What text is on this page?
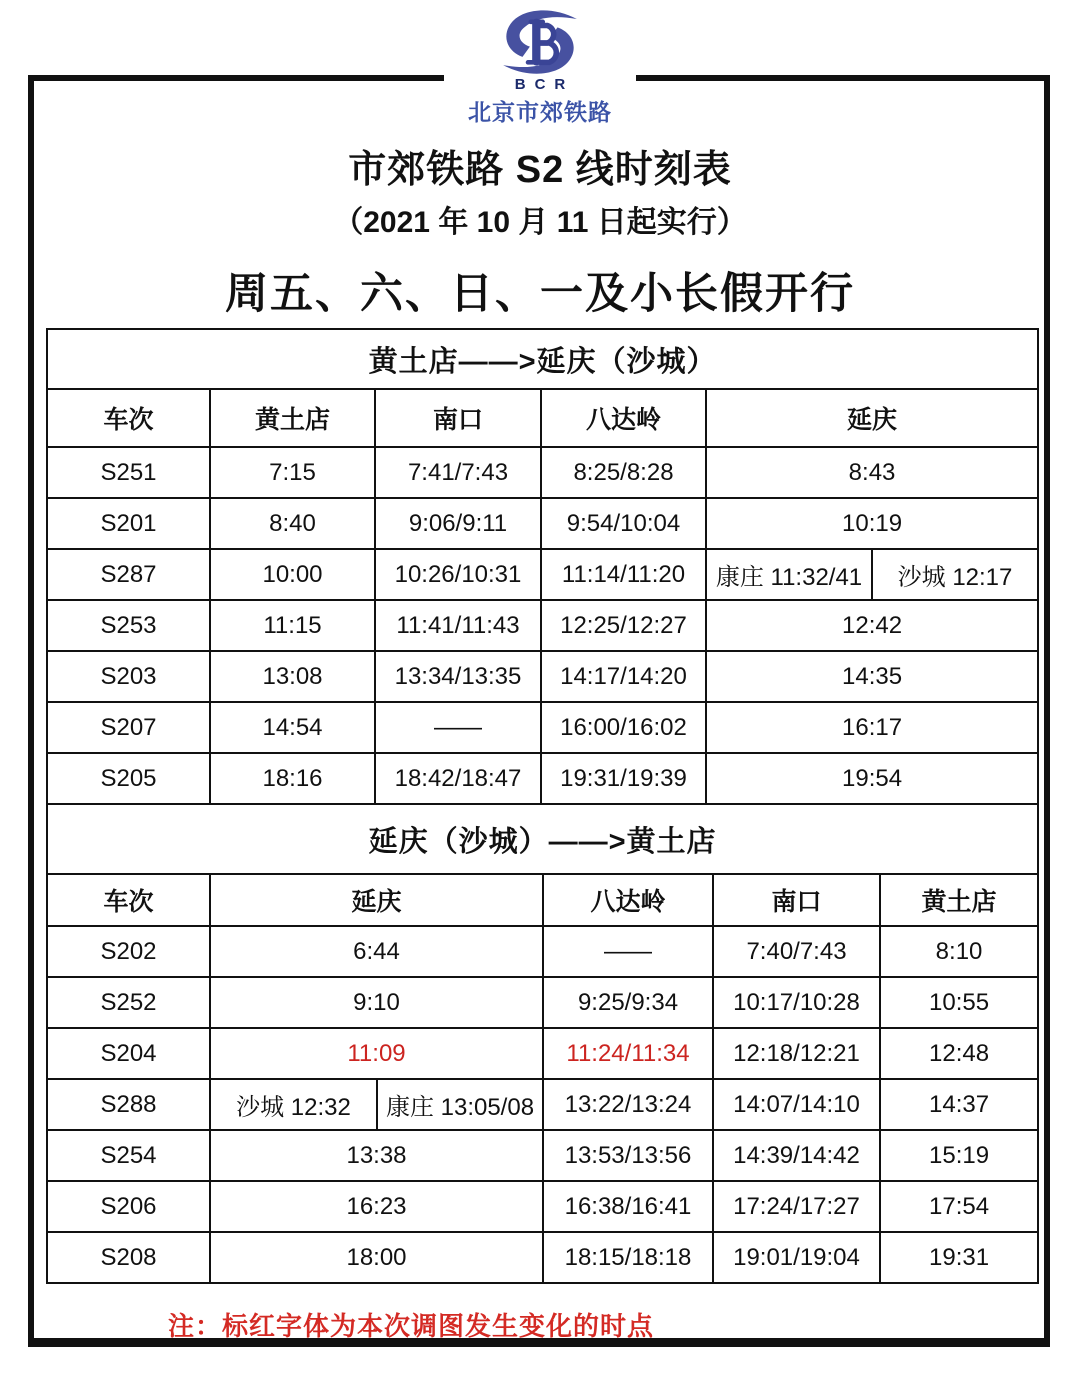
BCR
北京市郊铁路
市郊铁路 S2 线时刻表
（2021 年 10 月 11 日起实行）
周五、六、日、一及小长假开行
黄土店——>延庆（沙城）					
车次	黄土店	南口	八达岭	延庆	
S251	7:15	7:41/7:43	8:25/8:28	8:43	
S201	8:40	9:06/9:11	9:54/10:04	10:19	
S287	10:00	10:26/10:31	11:14/11:20	康庄 11:32/41	沙城 12:17
S253	11:15	11:41/11:43	12:25/12:27	12:42	
S203	13:08	13:34/13:35	14:17/14:20	14:35	
S207	14:54	——	16:00/16:02	16:17	
S205	18:16	18:42/18:47	19:31/19:39	19:54	
延庆（沙城）——>黄土店					
车次	延庆		八达岭	南口	黄土店
S202	6:44		——	7:40/7:43	8:10
S252	9:10		9:25/9:34	10:17/10:28	10:55
S204	11:09		11:24/11:34	12:18/12:21	12:48
S288	沙城 12:32	康庄 13:05/08	13:22/13:24	14:07/14:10	14:37
S254	13:38		13:53/13:56	14:39/14:42	15:19
S206	16:23		16:38/16:41	17:24/17:27	17:54
S208	18:00		18:15/18:18	19:01/19:04	19:31
注：标红字体为本次调图发生变化的时点
